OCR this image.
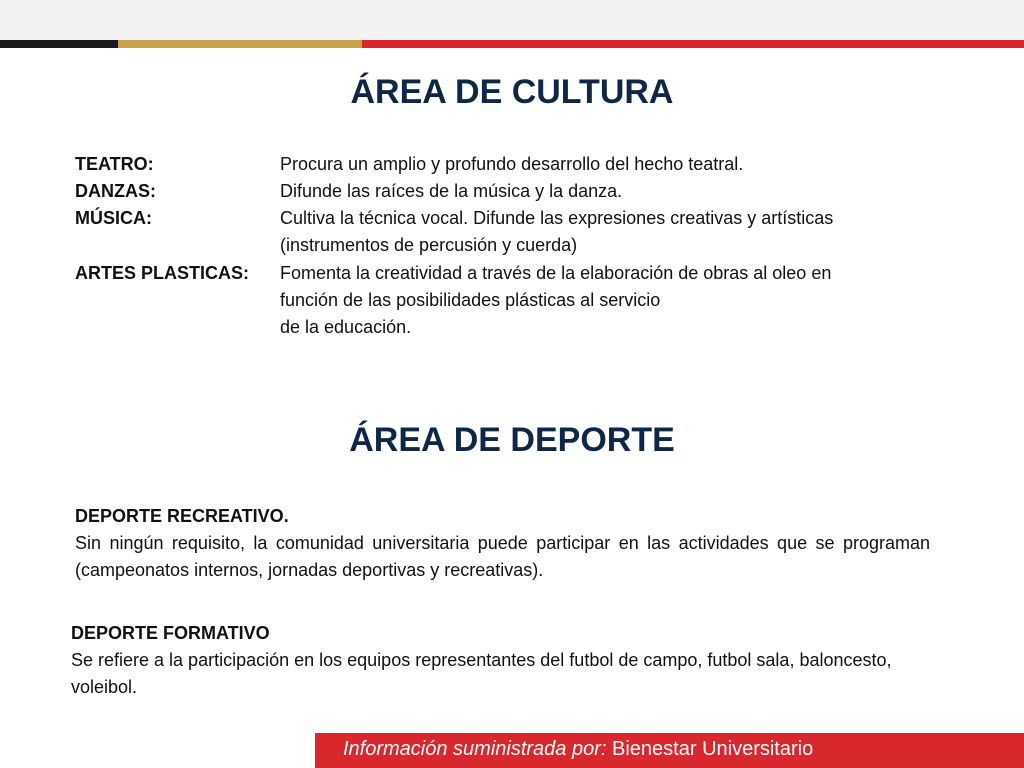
ÁREA DE CULTURA
TEATRO:	Procura un amplio y profundo desarrollo del hecho teatral.
DANZAS:	Difunde las raíces de la música y la danza.
MÚSICA:	Cultiva la técnica vocal. Difunde las expresiones creativas y artísticas
(instrumentos de percusión y cuerda)
ARTES PLASTICAS:	Fomenta la creatividad a través de la elaboración de obras al oleo en
función de las posibilidades plásticas al servicio
de la educación.
ÁREA DE DEPORTE
DEPORTE RECREATIVO.
Sin ningún requisito, la comunidad universitaria puede participar en las actividades que se programan (campeonatos internos, jornadas deportivas y recreativas).
DEPORTE FORMATIVO
Se refiere a la participación en los equipos representantes del futbol de campo, futbol sala, baloncesto, voleibol.
Información suministrada por: Bienestar Universitario
